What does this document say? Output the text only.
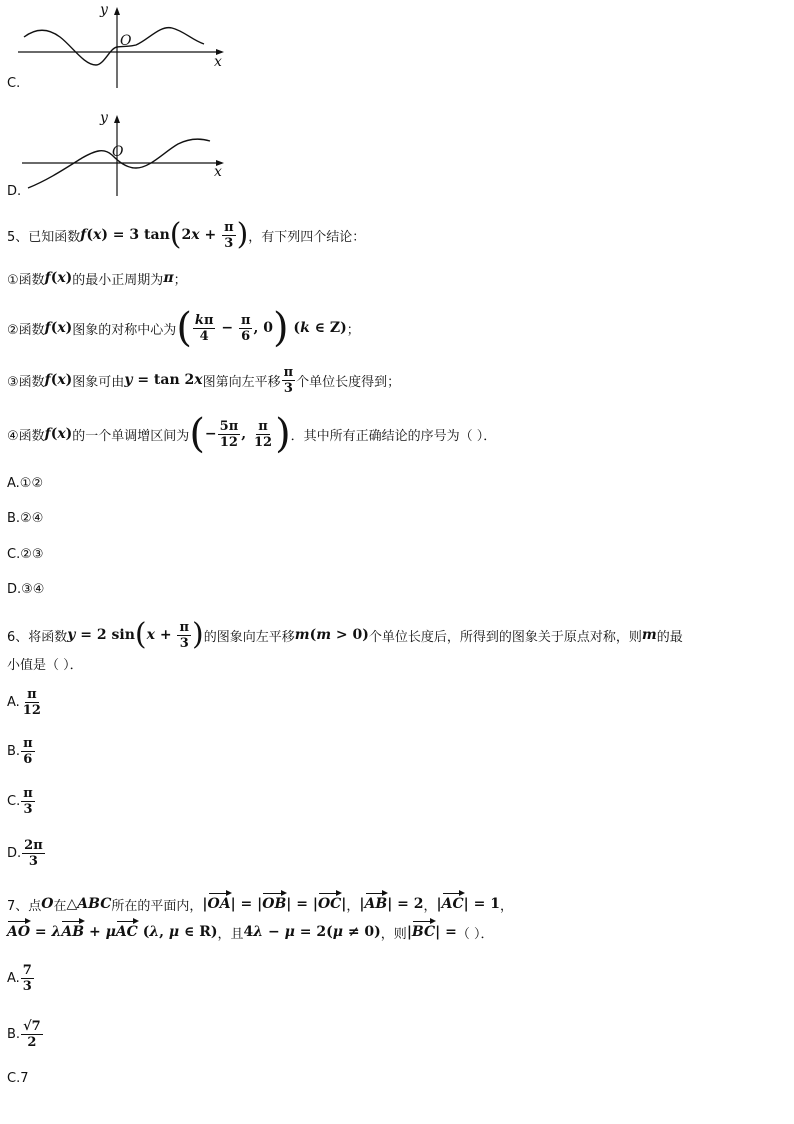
y
O
x
C.
y
O
x
D.
5、 已知函数 f ( x ) = 3 tan ( 2 $x + \frac{\pi}{3}$ ) ，有下列四个结论：
①函数 f ( x ) 的最小正周期为 π ；
②函数 f ( x ) 图象的对称中心为 ( $\frac{k\pi}{4} - \frac{\pi}{6}$ , 0 ) ( k ∈ Z) ；
③函数 f ( x ) 图象可由 y = tan 2 x 图第向左平移 $\frac{\pi}{3}$ 个单位长度得到；
④函数 f ( x ) 的一个单调增区间为 ( − $\frac{5\pi}{12}$ , $\frac{\pi}{12}$ ) ．其中所有正确结论的序号为（ ）．
A.①②
B.②④
C.②③
D.③④
6、 将函数 y = 2 sin ( $x + \frac{\pi}{3}$ ) 的图象向左平移 m ( m > 0) 个单位长度后，所得到的图象关于原点对称，则 m 的最
小值是（ ）．
A. $\frac{\pi}{12}$
B. $\frac{\pi}{6}$
C. $\frac{\pi}{3}$
D. $\frac{2\pi}{3}$
7、 点 O 在 △ ABC 所在的平面内， | OA | = | OB | = | OC | ， | AB | = 2 ， | AC | = 1 ，
AO = λ AB + μ AC ( λ , μ ∈ R) ，且 4 λ − μ = 2( μ ≠ 0) ，则 | BC | = （ ）．
A. $\frac{7}{3}$
B. $\frac{√7}{2}$
C.7
